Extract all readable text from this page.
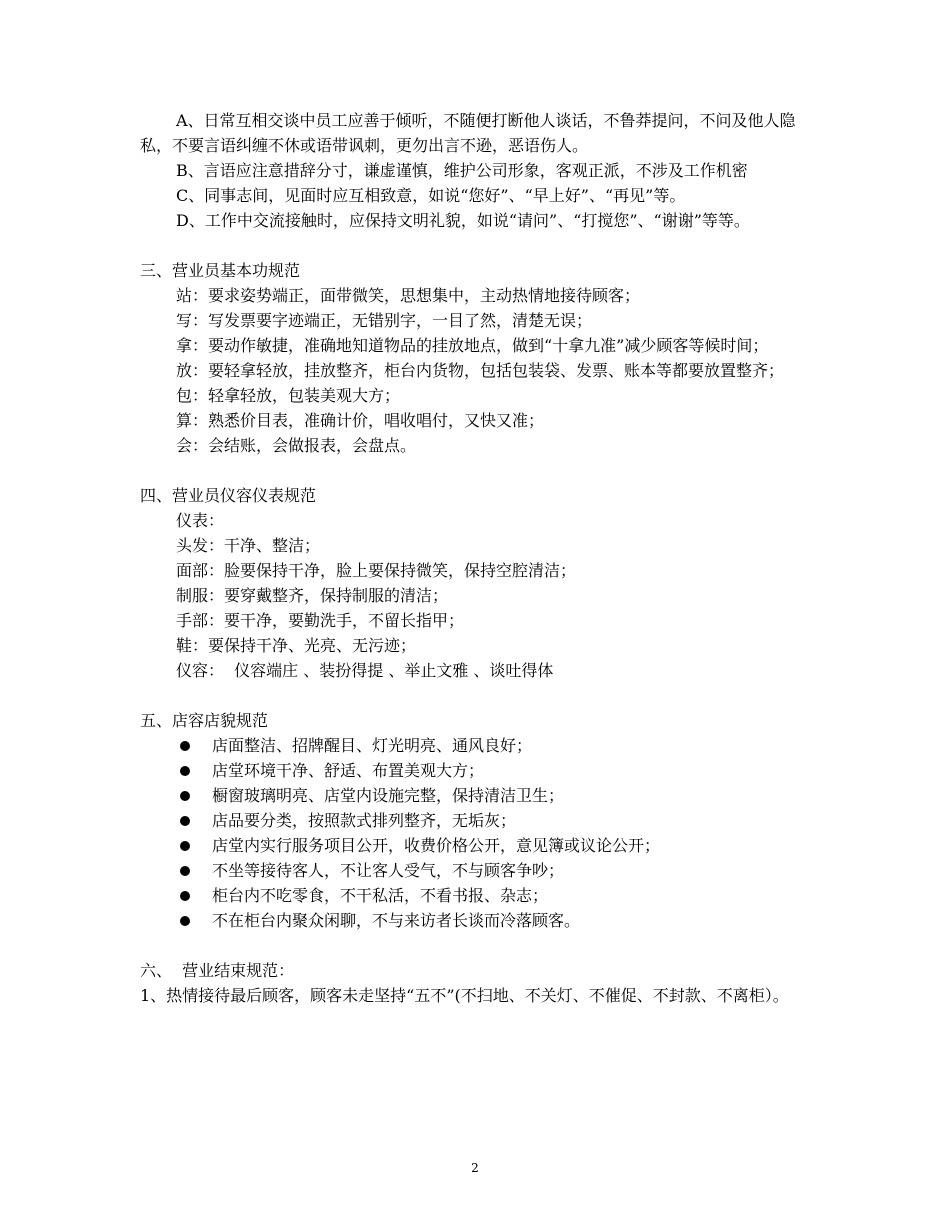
A、日常互相交谈中员工应善于倾听，不随便打断他人谈话，不鲁莽提问，不问及他人隐私，不要言语纠缠不休或语带讽刺，更勿出言不逊，恶语伤人。

B、言语应注意措辞分寸，谦虚谨慎，维护公司形象，客观正派，不涉及工作机密

C、同事志间，见面时应互相致意，如说“您好”、“早上好”、“再见”等。

D、工作中交流接触时，应保持文明礼貌，如说“请问”、“打搅您”、“谢谢”等等。

三、营业员基本功规范

站：要求姿势端正，面带微笑，思想集中，主动热情地接待顾客；

写：写发票要字迹端正，无错别字，一目了然，清楚无误；

拿：要动作敏捷，准确地知道物品的挂放地点，做到“十拿九准”减少顾客等候时间；

放：要轻拿轻放，挂放整齐，柜台内货物，包括包装袋、发票、账本等都要放置整齐；

包：轻拿轻放，包装美观大方；

算：熟悉价目表，准确计价，唱收唱付，又快又准；

会：会结账，会做报表，会盘点。

四、营业员仪容仪表规范

仪表：

头发：干净、整洁；

面部：脸要保持干净，脸上要保持微笑，保持空腔清洁；

制服：要穿戴整齐，保持制服的清洁；

手部：要干净，要勤洗手，不留长指甲；

鞋：要保持干净、光亮、无污迹；

仪容：  仪容端庄 、装扮得提 、举止文雅 、谈吐得体

五、店容店貌规范

店面整洁、招牌醒目、灯光明亮、通风良好；
店堂环境干净、舒适、布置美观大方；
橱窗玻璃明亮、店堂内设施完整，保持清洁卫生；
店品要分类，按照款式排列整齐，无垢灰；
店堂内实行服务项目公开，收费价格公开，意见簿或议论公开；
不坐等接待客人，不让客人受气，不与顾客争吵；
柜台内不吃零食，不干私活，不看书报、杂志；
不在柜台内聚众闲聊，不与来访者长谈而冷落顾客。

六、  营业结束规范：

1、热情接待最后顾客，顾客未走坚持“五不”(不扫地、不关灯、不催促、不封款、不离柜）。

2
